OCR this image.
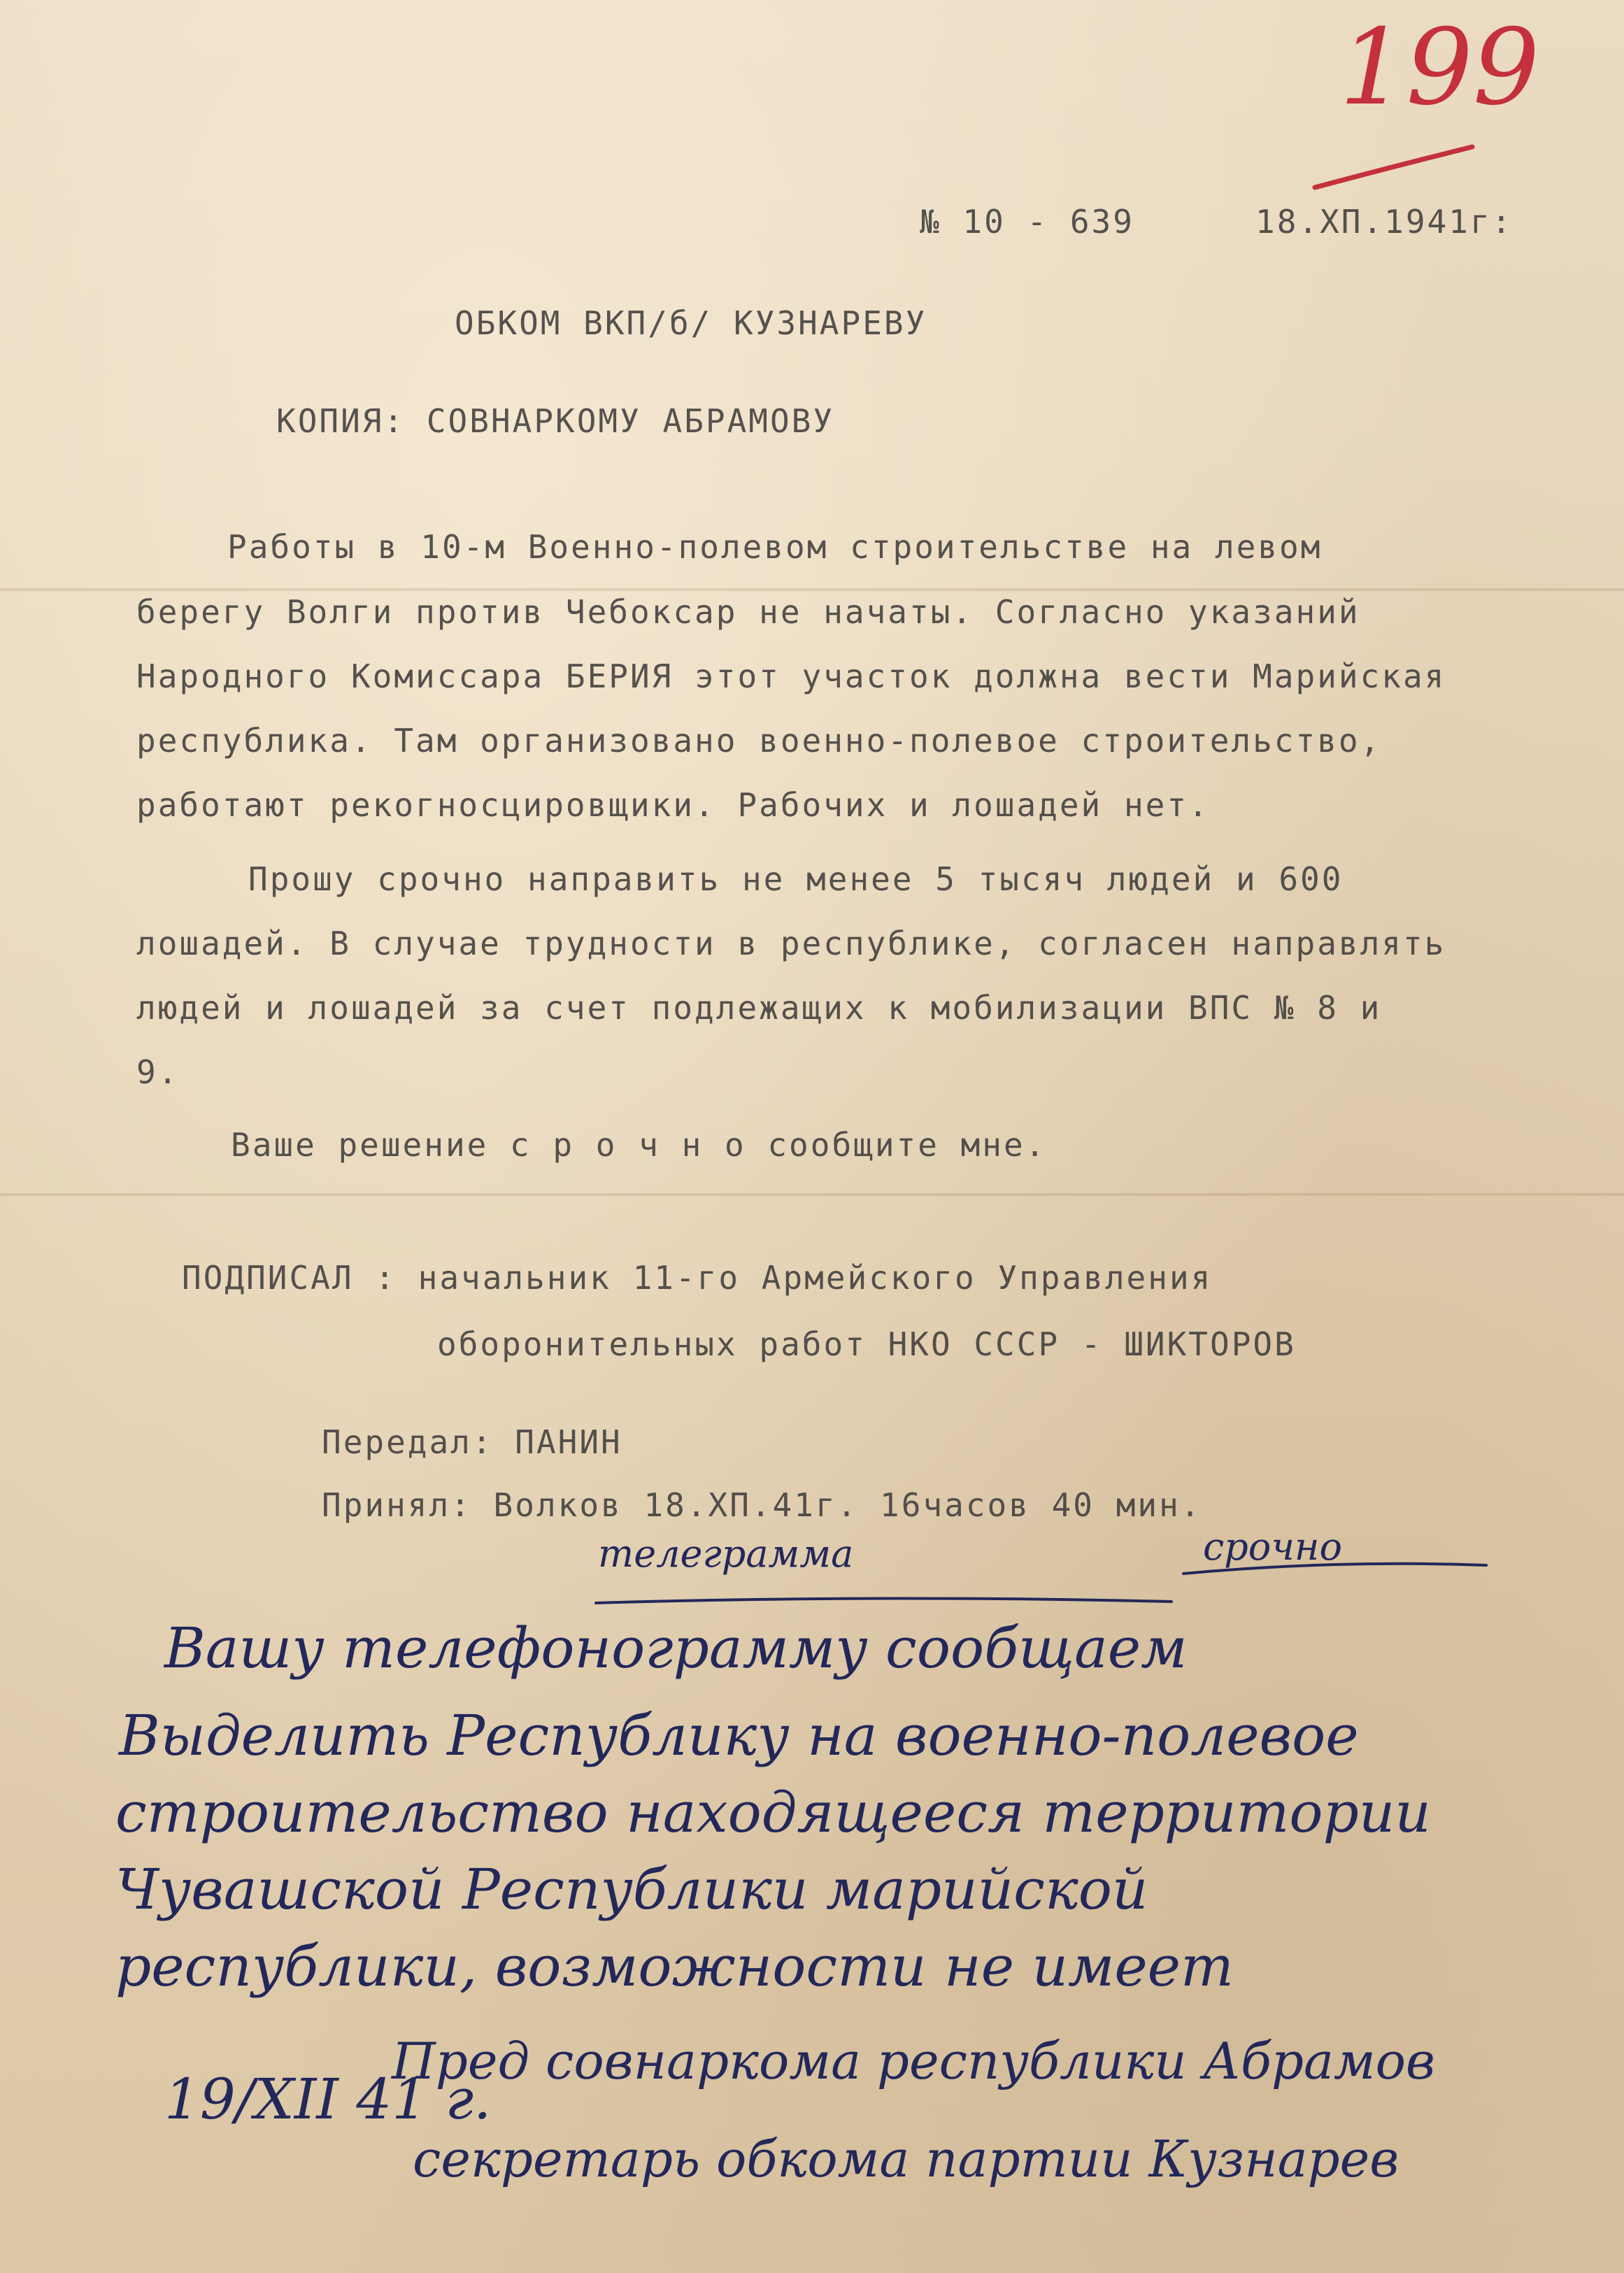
199
№ 10 - 639	18.ХП.1941г:
ОБКОМ ВКП/б/ КУЗНАРЕВУ
КОПИЯ: СОВНАРКОМУ АБРАМОВУ
Работы в 10-м Военно-полевом строительстве на левом
берегу Волги против Чебоксар не начаты. Согласно указаний
Народного Комиссара БЕРИЯ этот участок должна вести Марийская
республика. Там организовано военно-полевое строительство,
работают рекогносцировщики. Рабочих и лошадей нет.
Прошу срочно направить не менее 5 тысяч людей и 600
лошадей. В случае трудности в республике, согласен направлять
людей и лошадей за счет подлежащих к мобилизации ВПС № 8 и
9.
Ваше решение с р о ч н о сообщите мне.
ПОДПИСАЛ : начальник 11-го Армейского Управления
оборонительных работ НКО СССР - ШИКТОРОВ
Передал: ПАНИН
Принял: Волков 18.ХП.41г. 16часов 40 мин.
телеграмма	срочно
Вашу телефонограмму сообщаем
Выделить Республику на военно-полевое
строительство находящееся территории
Чувашской Республики марийской
республики, возможности не имеет
19/XII 41 г.
Пред совнаркома республики Абрамов
секретарь обкома партии Кузнарев
